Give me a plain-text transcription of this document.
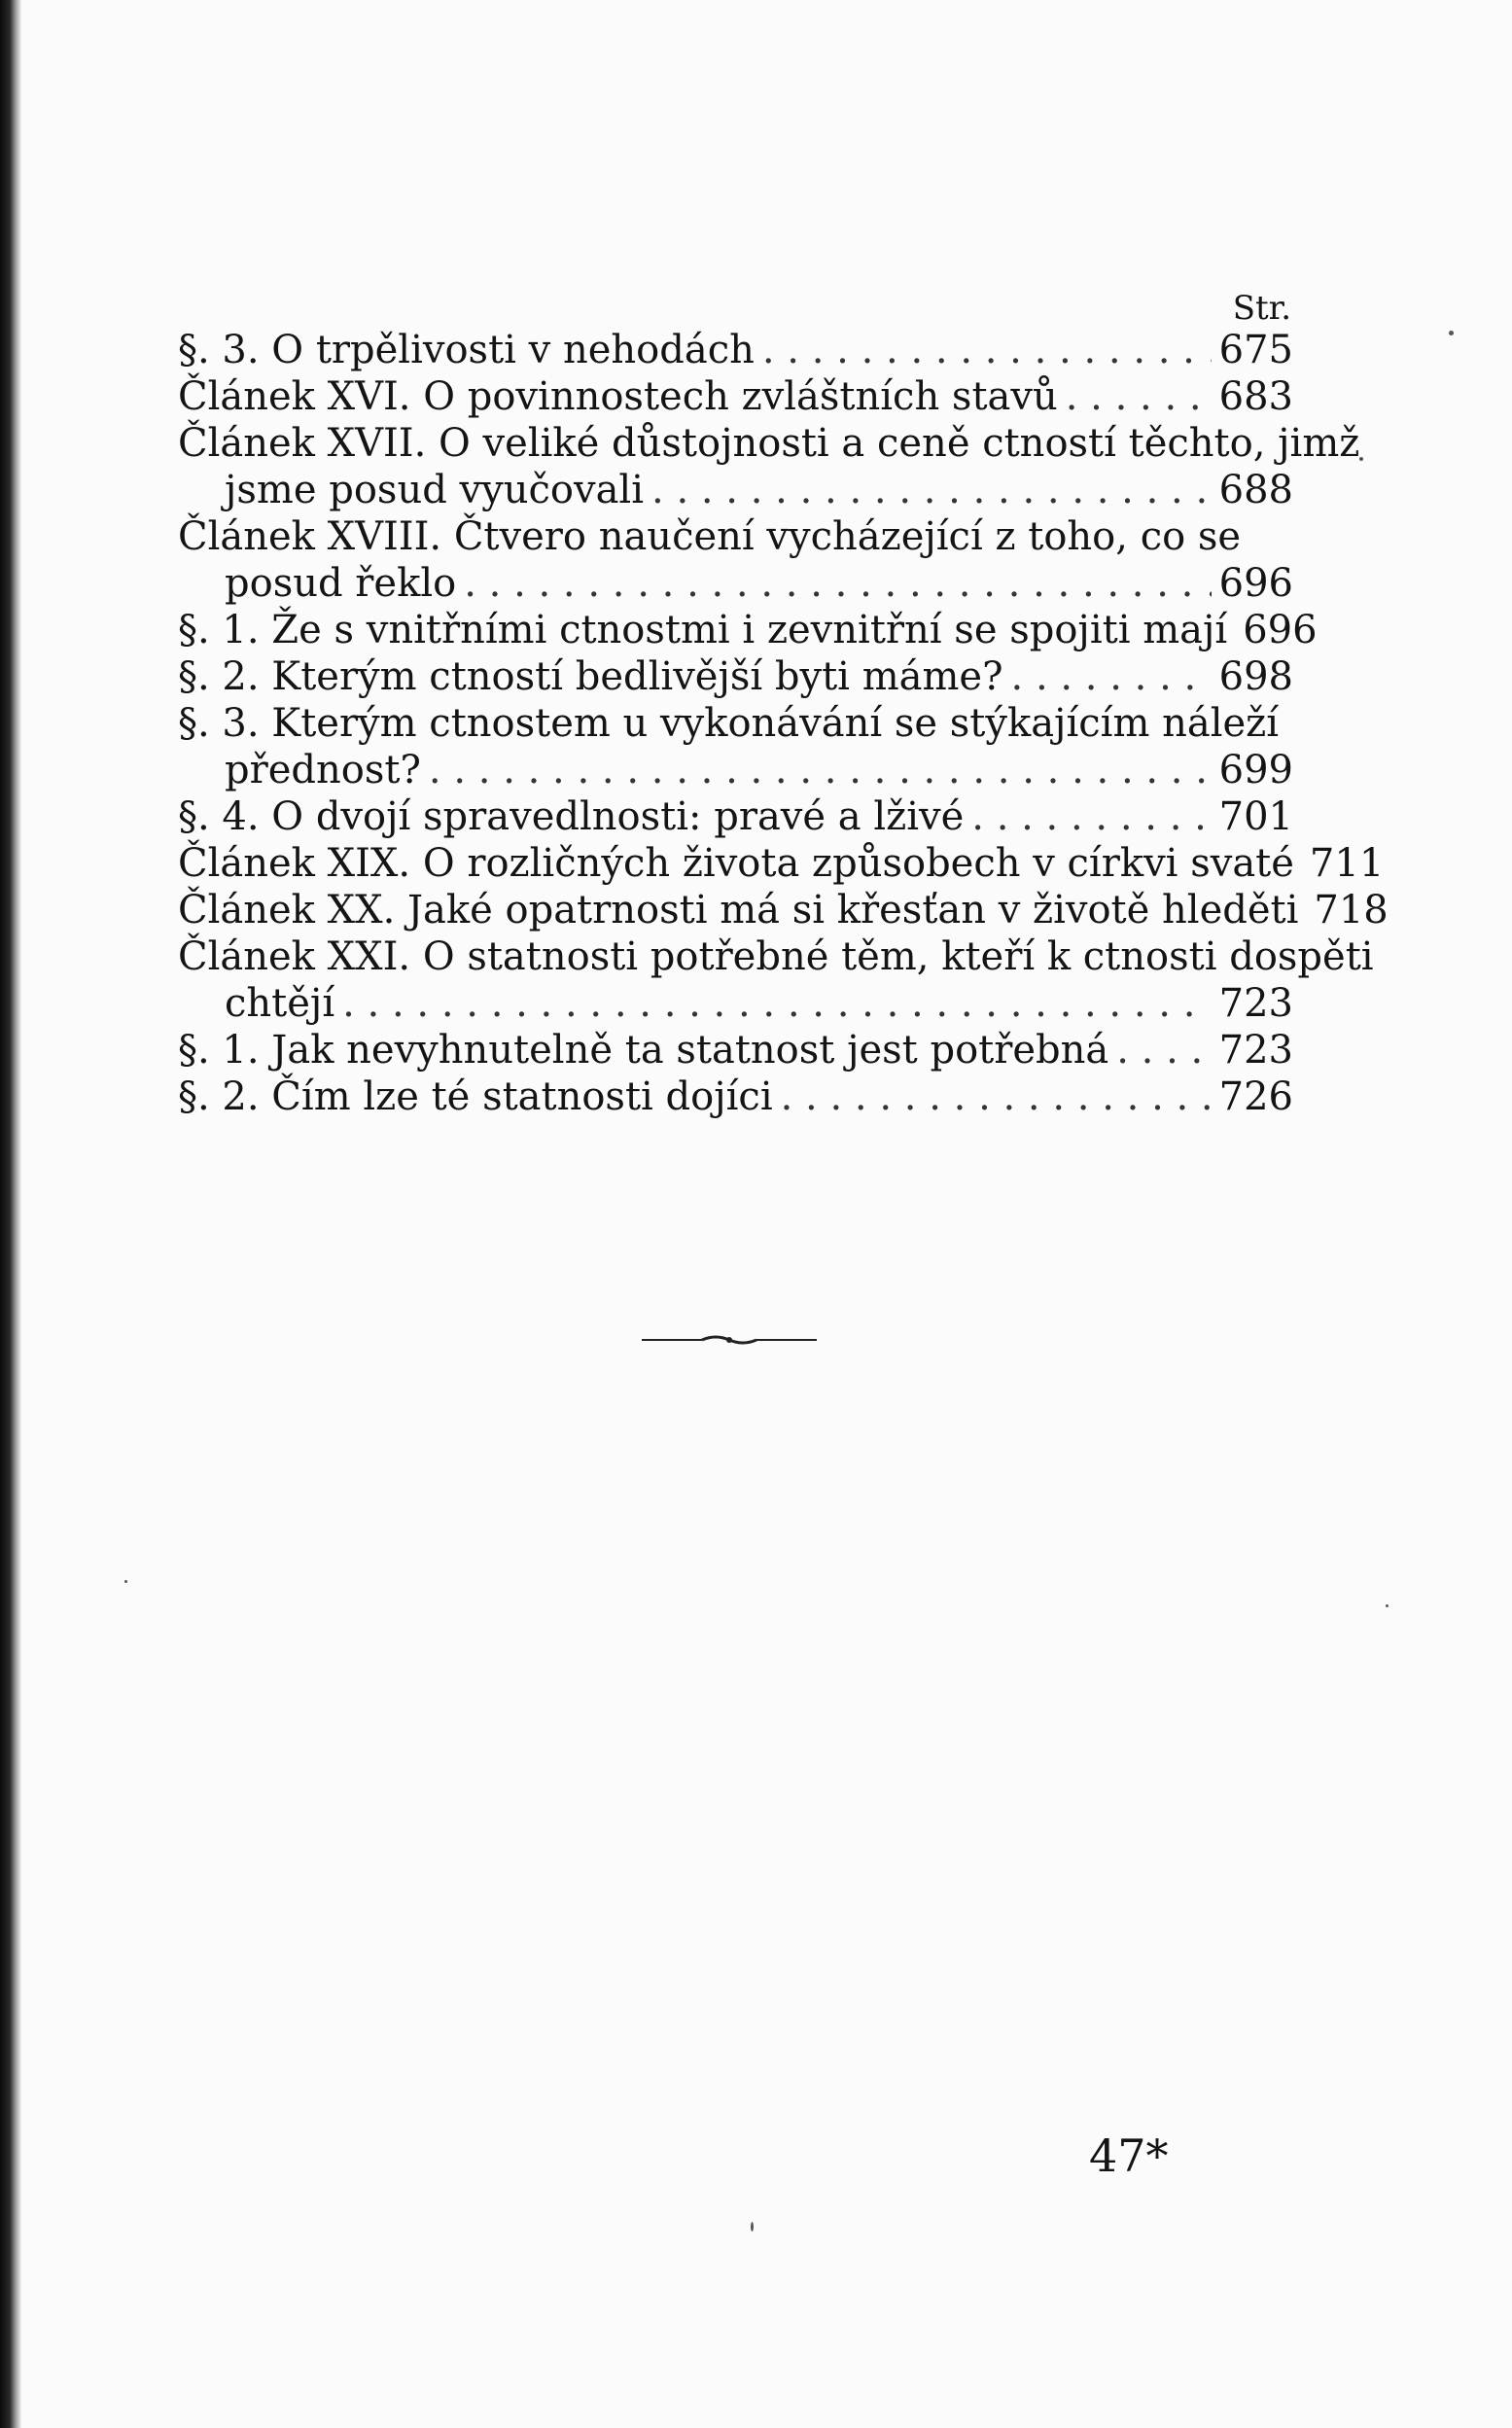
Str.
§. 3. O trpělivosti v nehodách . . .	675
Článek XVI. O povinnostech zvláštních stavů . . .	683
Článek XVII. O veliké důstojnosti a ceně ctností těchto, jimž
jsme posud vyučovali . . .	688
Článek XVIII. Čtvero naučení vycházející z toho, co se
posud řeklo . . .	696
§. 1. Že s vnitřními ctnostmi i zevnitřní se spojiti mají 696
§. 2. Kterým ctností bedlivější byti máme? . . .	698
§. 3. Kterým ctnostem u vykonávání se stýkajícím náleží
přednost? . . .	699
§. 4. O dvojí spravedlnosti: pravé a lživé . . .	701
Článek XIX. O rozličných života způsobech v církvi svaté 711
Článek XX. Jaké opatrnosti má si křesťan v životě hleděti 718
Článek XXI. O statnosti potřebné těm, kteří k ctnosti dospěti
chtějí . . .	723
§. 1. Jak nevyhnutelně ta statnost jest potřebná . . .	723
§. 2. Čím lze té statnosti dojíci . . .	726
47*
